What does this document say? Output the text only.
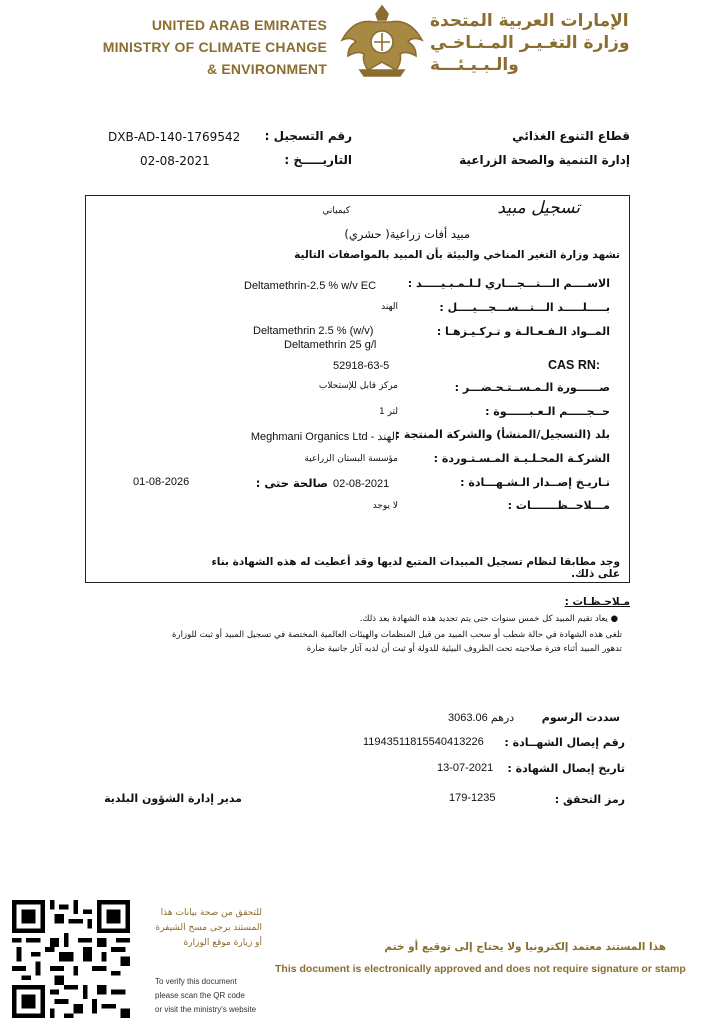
UNITED ARAB EMIRATES
MINISTRY OF CLIMATE CHANGE
& ENVIRONMENT
الإمارات العربية المتحدة
وزارة التغـيـر المـنـاخـي
والـبـيـئـــة
DXB-AD-140-1769542 رقم التسجيل :
02-08-2021	التاريـــــخ :
قطاع التنوع الغذائي
إدارة التنمية والصحة الزراعية
تسجيل مبيد
كيمياني
مبيد أفات زراعية( حشري)
تشهد وزارة التغير المناخي والبيئة بأن المبيد بالمواصفات التالية
الاســــم الـــتـــجـــاري لـلـمـبـيـــــد :
بـــــلـــــد الـــتـــســـجـــيــــل :
المــواد الـفـعـالـة و تـركـيـزهـا :
CAS RN:
صــــــورة الـمـســتـحـضـــر :
حــجـــــم الـعـبــــــوة :
بلد (التسجيل/المنشأ) والشركة المنتجة :
الشركـة المحـلـيـة المـسـتـوردة :
تـاريـخ إصــدار الـشـهـــادة :
مـــلاحــظـــــــات :
Deltamethrin-2.5 % w/v EC
الهند
Deltamethrin 2.5 % (w/v)
Deltamethrin 25 g/l
52918-63-5
مركز قابل للإستحلاب
لتر 1
Meghmani Organics Ltd - الهند
مؤسسة البستان الزراعية
02-08-2021
لا يوجد
صالحة حتى :
01-08-2026
وجد مطابقا لنظام تسجيل المبيدات المتبع لديها وقد أعطيت له هذه الشهادة بناء على ذلك.
مـلاحـظـات :
● يعاد تقيم المبيد كل خمس سنوات حتى يتم تجديد هذه الشهادة بعد ذلك.
تلغى هذه الشهادة في حالة شطب أو سحب المبيد من قبل المنظمات والهيئات العالمية المختصة في تسجيل المبيد أو ثبت للوزارة
تدهور المبيد أثناء فترة صلاحيته تحت الظروف البيئية للدولة أو ثبت أن لديه آثار جانبية ضارة
سددت الرسوم
3063.06 درهم
رقم إيصال الشهــادة :
11943511815540413226
تاريخ إيصال الشهادة :
13-07-2021
رمز التحقق :
179-1235
مدير إدارة الشؤون البلدية
للتحقق من صحة بيانات هذا
المستند يرجى مسح الشيفرة
أو زيارة موقع الوزارة
To verify this document
please scan the QR code
or visit the ministry's website
هذا المستند معتمد إلكترونيا ولا يحتاج إلى توقيع أو ختم
This document is electronically approved and does not require signature or stamp
